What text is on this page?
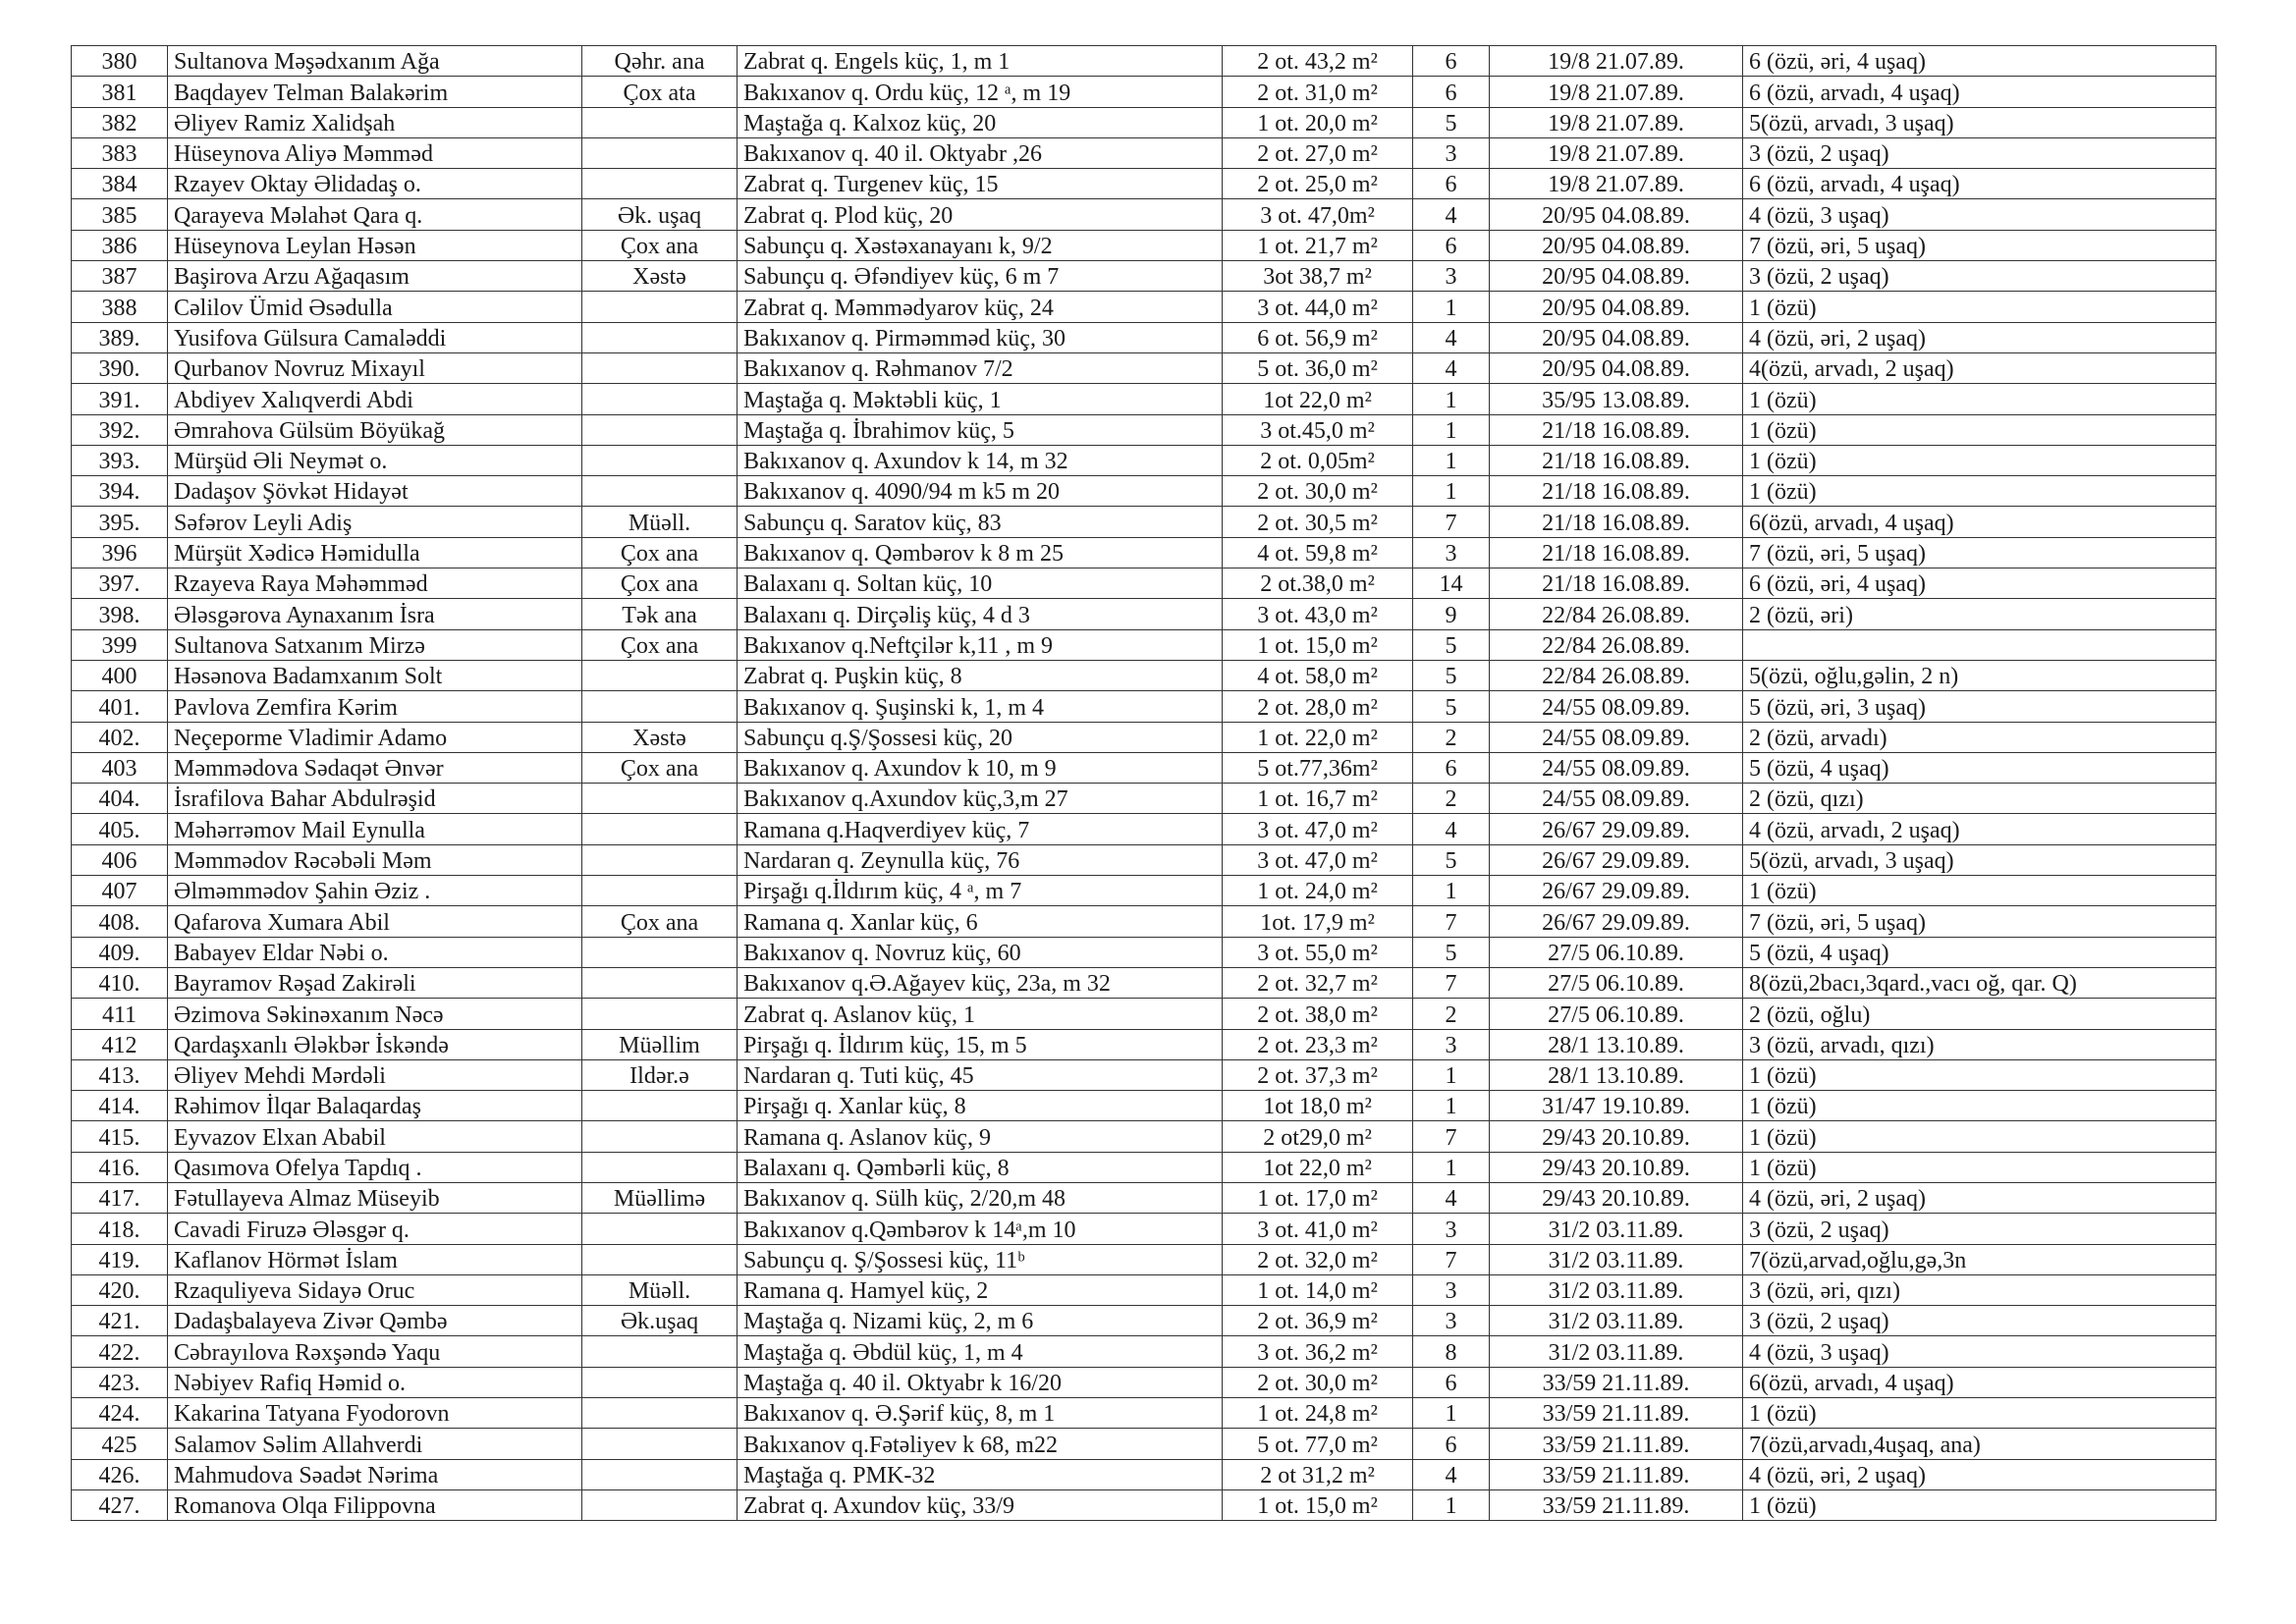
380	Sultanova Məşədxanım Ağa	Qəhr. ana	Zabrat q. Engels küç, 1, m 1	2 ot. 43,2 m²	6	19/8 21.07.89.	6 (özü, əri, 4 uşaq)
381	Baqdayev Telman Balakərim	Çox ata	Bakıxanov q. Ordu küç, 12 ᵃ, m 19	2 ot. 31,0 m²	6	19/8 21.07.89.	6 (özü, arvadı, 4 uşaq)
382	Əliyev Ramiz Xalidşah		Maştağa q. Kalxoz küç, 20	1 ot. 20,0 m²	5	19/8 21.07.89.	5(özü, arvadı, 3 uşaq)
383	Hüseynova Aliyə Məmməd		Bakıxanov q. 40 il. Oktyabr ,26	2 ot. 27,0 m²	3	19/8 21.07.89.	3 (özü, 2 uşaq)
384	Rzayev Oktay Əlidadaş o.		Zabrat q. Turgenev küç, 15	2 ot. 25,0 m²	6	19/8 21.07.89.	6 (özü, arvadı, 4 uşaq)
385	Qarayeva Məlahət Qara q.	Ək. uşaq	Zabrat q. Plod küç, 20	3 ot. 47,0m²	4	20/95 04.08.89.	4 (özü, 3 uşaq)
386	Hüseynova Leylan Həsən	Çox ana	Sabunçu q. Xəstəxanayanı k, 9/2	1 ot. 21,7 m²	6	20/95 04.08.89.	7 (özü, əri, 5 uşaq)
387	Başirova Arzu Ağaqasım	Xəstə	Sabunçu q. Əfəndiyev küç, 6 m 7	3ot 38,7 m²	3	20/95 04.08.89.	3 (özü, 2 uşaq)
388	Cəlilov Ümid Əsədulla		Zabrat q. Məmmədyarov küç, 24	3 ot. 44,0 m²	1	20/95 04.08.89.	1 (özü)
389.	Yusifova Gülsura Camaləddi		Bakıxanov q. Pirməmməd küç, 30	6 ot. 56,9 m²	4	20/95 04.08.89.	4 (özü, əri, 2 uşaq)
390.	Qurbanov Novruz Mixayıl		Bakıxanov q. Rəhmanov 7/2	5 ot. 36,0 m²	4	20/95 04.08.89.	4(özü, arvadı, 2 uşaq)
391.	Abdiyev Xalıqverdi Abdi		Maştağa q. Məktəbli küç, 1	1ot 22,0 m²	1	35/95 13.08.89.	1 (özü)
392.	Əmrahova Gülsüm Böyükağ		Maştağa q. İbrahimov küç, 5	3 ot.45,0 m²	1	21/18 16.08.89.	1 (özü)
393.	Mürşüd Əli Neymət o.		Bakıxanov q. Axundov k 14, m 32	2 ot. 0,05m²	1	21/18 16.08.89.	1 (özü)
394.	Dadaşov Şövkət Hidayət		Bakıxanov q. 4090/94 m k5 m 20	2 ot. 30,0 m²	1	21/18 16.08.89.	1 (özü)
395.	Səfərov Leyli Adiş	Müəll.	Sabunçu q. Saratov küç, 83	2 ot. 30,5 m²	7	21/18 16.08.89.	6(özü, arvadı, 4 uşaq)
396	Mürşüt Xədicə Həmidulla	Çox ana	Bakıxanov q. Qəmbərov k 8 m 25	4 ot. 59,8 m²	3	21/18 16.08.89.	7 (özü, əri, 5 uşaq)
397.	Rzayeva Raya Məhəmməd	Çox ana	Balaxanı q. Soltan küç, 10	2 ot.38,0 m²	14	21/18 16.08.89.	6 (özü, əri, 4 uşaq)
398.	Ələsgərova Aynaxanım İsra	Tək ana	Balaxanı q. Dirçəliş küç, 4 d 3	3 ot. 43,0 m²	9	22/84 26.08.89.	2 (özü, əri)
399	Sultanova Satxanım Mirzə	Çox ana	Bakıxanov q.Neftçilər k,11 , m 9	1 ot. 15,0 m²	5	22/84 26.08.89.	
400	Həsənova Badamxanım Solt		Zabrat q. Puşkin küç, 8	4 ot. 58,0 m²	5	22/84 26.08.89.	5(özü, oğlu,gəlin, 2 n)
401.	Pavlova Zemfira Kərim		Bakıxanov q. Şuşinski k, 1, m 4	2 ot. 28,0 m²	5	24/55 08.09.89.	5 (özü, əri, 3 uşaq)
402.	Neçeporme Vladimir Adamo	Xəstə	Sabunçu q.Ş/Şossesi küç, 20	1 ot. 22,0 m²	2	24/55 08.09.89.	2 (özü, arvadı)
403	Məmmədova Sədaqət Ənvər	Çox ana	Bakıxanov q. Axundov k 10, m 9	5 ot.77,36m²	6	24/55 08.09.89.	5 (özü, 4 uşaq)
404.	İsrafilova Bahar Abdulrəşid		Bakıxanov q.Axundov küç,3,m 27	1 ot. 16,7 m²	2	24/55 08.09.89.	2 (özü, qızı)
405.	Məhərrəmov Mail Eynulla		Ramana q.Haqverdiyev küç, 7	3 ot. 47,0 m²	4	26/67 29.09.89.	4 (özü, arvadı, 2 uşaq)
406	Məmmədov Rəcəbəli Məm		Nardaran q. Zeynulla küç, 76	3 ot. 47,0 m²	5	26/67 29.09.89.	5(özü, arvadı, 3 uşaq)
407	Əlməmmədov Şahin Əziz .		Pirşağı q.İldırım küç, 4 ᵃ, m 7	1 ot. 24,0 m²	1	26/67 29.09.89.	1 (özü)
408.	Qafarova Xumara Abil	Çox ana	Ramana q. Xanlar küç, 6	1ot. 17,9 m²	7	26/67 29.09.89.	7 (özü, əri, 5 uşaq)
409.	Babayev Eldar Nəbi o.		Bakıxanov q. Novruz küç, 60	3 ot. 55,0 m²	5	27/5 06.10.89.	5 (özü, 4 uşaq)
410.	Bayramov Rəşad Zakirəli		Bakıxanov q.Ə.Ağayev küç, 23a, m 32	2 ot. 32,7 m²	7	27/5 06.10.89.	8(özü,2bacı,3qard.,vacı oğ, qar. Q)
411	Əzimova Səkinəxanım Nəcə		Zabrat q. Aslanov küç, 1	2 ot. 38,0 m²	2	27/5 06.10.89.	2 (özü, oğlu)
412	Qardaşxanlı Ələkbər İskəndə	Müəllim	Pirşağı q. İldırım küç, 15, m 5	2 ot. 23,3 m²	3	28/1 13.10.89.	3 (özü, arvadı, qızı)
413.	Əliyev Mehdi Mərdəli	Ildər.ə	Nardaran q. Tuti küç, 45	2 ot. 37,3 m²	1	28/1 13.10.89.	1 (özü)
414.	Rəhimov İlqar Balaqardaş		Pirşağı q. Xanlar küç, 8	1ot 18,0 m²	1	31/47 19.10.89.	1 (özü)
415.	Eyvazov Elxan Ababil		Ramana q. Aslanov küç, 9	2 ot29,0 m²	7	29/43 20.10.89.	1 (özü)
416.	Qasımova Ofelya Tapdıq .		Balaxanı q. Qəmbərli küç, 8	1ot 22,0 m²	1	29/43 20.10.89.	1 (özü)
417.	Fətullayeva Almaz Müseyib	Müəllimə	Bakıxanov q. Sülh küç, 2/20,m 48	1 ot. 17,0 m²	4	29/43 20.10.89.	4 (özü, əri, 2 uşaq)
418.	Cavadi Firuzə Ələsgər q.		Bakıxanov q.Qəmbərov k 14ᵃ,m 10	3 ot. 41,0 m²	3	31/2 03.11.89.	3 (özü, 2 uşaq)
419.	Kaflanov Hörmət İslam		Sabunçu q. Ş/Şossesi küç, 11ᵇ	2 ot. 32,0 m²	7	31/2 03.11.89.	7(özü,arvad,oğlu,gə,3n
420.	Rzaquliyeva Sidayə Oruc	Müəll.	Ramana q. Hamyel küç, 2	1 ot. 14,0 m²	3	31/2 03.11.89.	3 (özü, əri, qızı)
421.	Dadaşbalayeva Zivər Qəmbə	Ək.uşaq	Maştağa q. Nizami küç, 2, m 6	2 ot. 36,9 m²	3	31/2 03.11.89.	3 (özü, 2 uşaq)
422.	Cəbrayılova Rəxşəndə Yaqu		Maştağa q. Əbdül küç, 1, m 4	3 ot. 36,2 m²	8	31/2 03.11.89.	4 (özü, 3 uşaq)
423.	Nəbiyev Rafiq Həmid o.		Maştağa q. 40 il. Oktyabr k 16/20	2 ot. 30,0 m²	6	33/59 21.11.89.	6(özü, arvadı, 4 uşaq)
424.	Kakarina Tatyana Fyodorovn		Bakıxanov q. Ə.Şərif küç, 8, m 1	1 ot. 24,8 m²	1	33/59 21.11.89.	1 (özü)
425	Salamov Səlim Allahverdi		Bakıxanov q.Fətəliyev k 68, m22	5 ot. 77,0 m²	6	33/59 21.11.89.	7(özü,arvadı,4uşaq, ana)
426.	Mahmudova Səadət Nərima		Maştağa q. PMK-32	2 ot 31,2 m²	4	33/59 21.11.89.	4 (özü, əri, 2 uşaq)
427.	Romanova Olqa Filippovna		Zabrat q. Axundov küç, 33/9	1 ot. 15,0 m²	1	33/59 21.11.89.	1 (özü)
